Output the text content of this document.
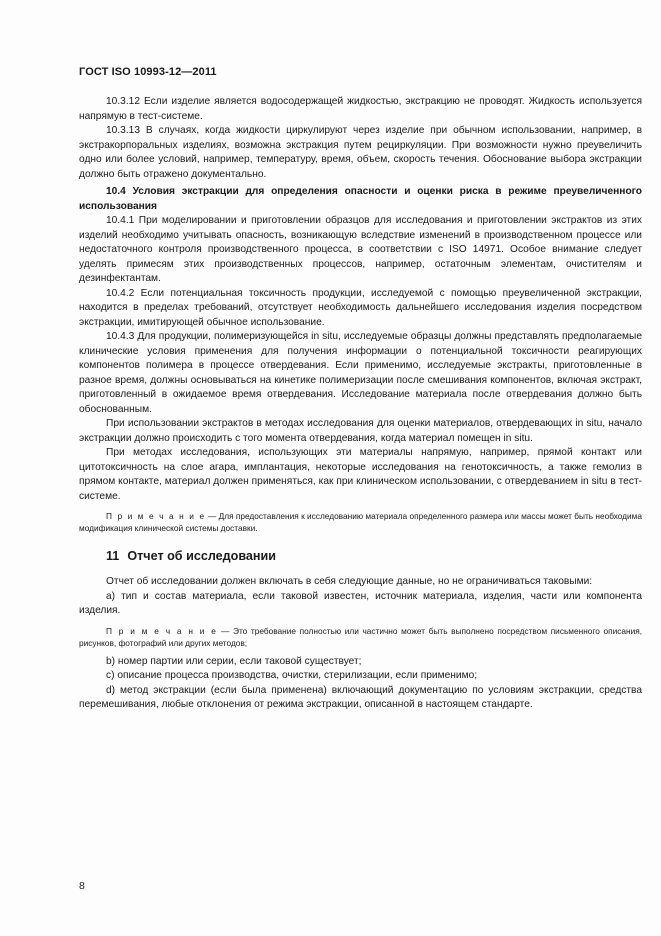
ГОСТ ISO 10993-12—2011

10.3.12 Если изделие является водосодержащей жидкостью, экстракцию не проводят. Жидкость используется напрямую в тест-системе.

10.3.13 В случаях, когда жидкости циркулируют через изделие при обычном использовании, например, в экстракорпоральных изделиях, возможна экстракция путем рециркуляции. При возможности нужно преувеличить одно или более условий, например, температуру, время, объем, скорость течения. Обоснование выбора экстракции должно быть отражено документально.

10.4 Условия экстракции для определения опасности и оценки риска в режиме преувеличенного использования

10.4.1 При моделировании и приготовлении образцов для исследования и приготовлении экстрактов из этих изделий необходимо учитывать опасность, возникающую вследствие изменений в производственном процессе или недостаточного контроля производственного процесса, в соответствии с ISO 14971. Особое внимание следует уделять примесям этих производственных процессов, например, остаточным элементам, очистителям и дезинфектантам.

10.4.2 Если потенциальная токсичность продукции, исследуемой с помощью преувеличенной экстракции, находится в пределах требований, отсутствует необходимость дальнейшего исследования изделия посредством экстракции, имитирующей обычное использование.

10.4.3 Для продукции, полимеризующейся in situ, исследуемые образцы должны представлять предполагаемые клинические условия применения для получения информации о потенциальной токсичности реагирующих компонентов полимера в процессе отвердевания. Если применимо, исследуемые экстракты, приготовленные в разное время, должны основываться на кинетике полимеризации после смешивания компонентов, включая экстракт, приготовленный в ожидаемое время отвердевания. Исследование материала после отвердевания должно быть обоснованным.

При использовании экстрактов в методах исследования для оценки материалов, отвердевающих in situ, начало экстракции должно происходить с того момента отвердевания, когда материал помещен in situ.

При методах исследования, использующих эти материалы напрямую, например, прямой контакт или цитотоксичность на слое агара, имплантация, некоторые исследования на генотоксичность, а также гемолиз в прямом контакте, материал должен применяться, как при клиническом использовании, с отвердеванием in situ в тест-системе.

П р и м е ч а н и е — Для предоставления к исследованию материала определенного размера или массы может быть необходима модификация клинической системы доставки.

11 Отчет об исследовании

Отчет об исследовании должен включать в себя следующие данные, но не ограничиваться таковыми:

a) тип и состав материала, если таковой известен, источник материала, изделия, части или компонента изделия.

П р и м е ч а н и е — Это требование полностью или частично может быть выполнено посредством письменного описания, рисунков, фотографий или других методов;

b) номер партии или серии, если таковой существует;

c) описание процесса производства, очистки, стерилизации, если применимо;

d) метод экстракции (если была применена) включающий документацию по условиям экстракции, средства перемешивания, любые отклонения от режима экстракции, описанной в настоящем стандарте.

8
